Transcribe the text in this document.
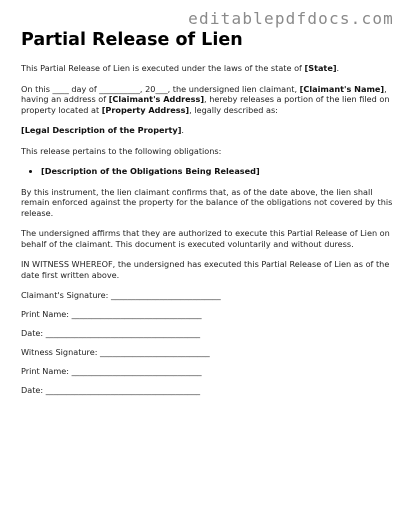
editablepdfdocs.com
Partial Release of Lien

This Partial Release of Lien is executed under the laws of the state of [State].

On this ____ day of __________, 20___, the undersigned lien claimant, [Claimant's Name], having an address of [Claimant's Address], hereby releases a portion of the lien filed on property located at [Property Address], legally described as:

[Legal Description of the Property].

This release pertains to the following obligations:

• [Description of the Obligations Being Released]

By this instrument, the lien claimant confirms that, as of the date above, the lien shall remain enforced against the property for the balance of the obligations not covered by this release.

The undersigned affirms that they are authorized to execute this Partial Release of Lien on behalf of the claimant. This document is executed voluntarily and without duress.

IN WITNESS WHEREOF, the undersigned has executed this Partial Release of Lien as of the date first written above.

Claimant's Signature: ___________________________
Print Name: ________________________________
Date: ______________________________________
Witness Signature: ___________________________
Print Name: ________________________________
Date: ______________________________________
